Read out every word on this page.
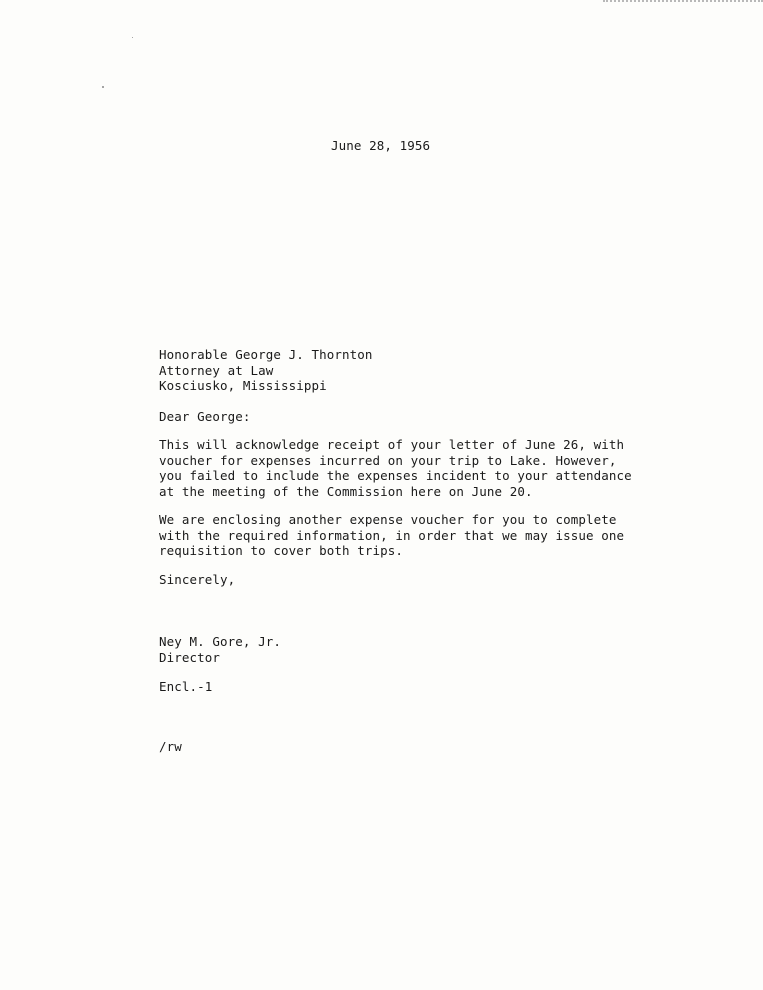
June 28, 1956
Honorable George J. Thornton
Attorney at Law
Kosciusko, Mississippi
Dear George:
This will acknowledge receipt of your letter of June 26, with
voucher for expenses incurred on your trip to Lake. However,
you failed to include the expenses incident to your attendance
at the meeting of the Commission here on June 20.
We are enclosing another expense voucher for you to complete
with the required information, in order that we may issue one
requisition to cover both trips.
Sincerely,
Ney M. Gore, Jr.
Director
Encl.-1
/rw
